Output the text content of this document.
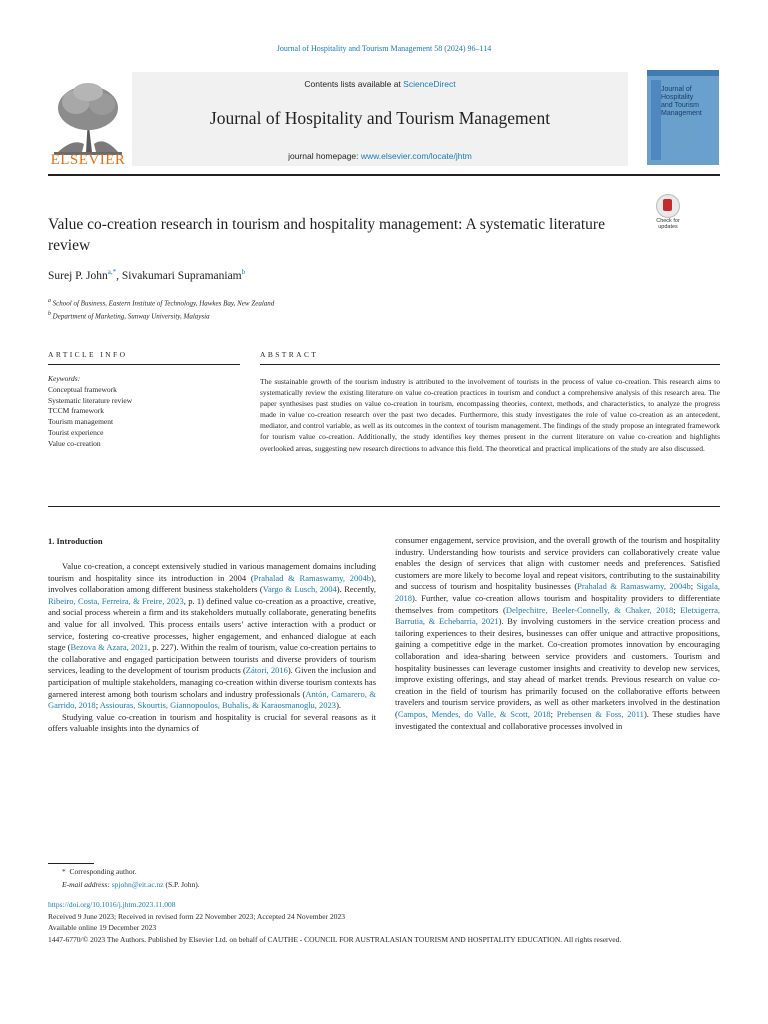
Journal of Hospitality and Tourism Management 58 (2024) 96–114
ELSEVIER
Contents lists available at ScienceDirect
Journal of Hospitality and Tourism Management
journal homepage: www.elsevier.com/locate/jhtm
Journal of
Hospitality
and Tourism
Management
Check for
updates
Value co-creation research in tourism and hospitality management: A systematic literature review
Surej P. John$^{a,*}$, Sivakumari Supramaniam$^b$
$^a$ School of Business, Eastern Institute of Technology, Hawkes Bay, New Zealand
$^b$ Department of Marketing, Sunway University, Malaysia
ARTICLE INFO	ABSTRACT
Keywords:
Conceptual framework
Systematic literature review
TCCM framework
Tourism management
Tourist experience
Value co-creation
The sustainable growth of the tourism industry is attributed to the involvement of tourists in the process of value co-creation. This research aims to systematically review the existing literature on value co-creation practices in tourism and conduct a comprehensive analysis of this research area. The paper synthesises past studies on value co-creation in tourism, encompassing theories, context, methods, and characteristics, to analyze the progress made in value co-creation research over the past two decades. Furthermore, this study investigates the role of value co-creation as an antecedent, mediator, and control variable, as well as its outcomes in the context of tourism management. The findings of the study propose an integrated framework for tourism value co-creation. Additionally, the study identifies key themes present in the current literature on value co-creation and highlights overlooked areas, suggesting new research directions to advance this field. The theoretical and practical implications of the study are also discussed.
1. Introduction

Value co-creation, a concept extensively studied in various management domains including tourism and hospitality since its introduction in 2004 (Prahalad & Ramaswamy, 2004b), involves collaboration among different business stakeholders (Vargo & Lusch, 2004). Recently, Ribeiro, Costa, Ferreira, & Freire, 2023, p. 1) defined value co-creation as a proactive, creative, and social process wherein a firm and its stakeholders mutually collaborate, generating benefits and value for all involved. This process entails users’ active interaction with a product or service, fostering co-creative processes, higher engagement, and enhanced dialogue at each stage (Bezova & Azara, 2021, p. 227). Within the realm of tourism, value co-creation pertains to the collaborative and engaged participation between tourists and diverse providers of tourism services, leading to the development of tourism products (Zátori, 2016). Given the inclusion and participation of multiple stakeholders, managing co-creation within diverse tourism contexts has garnered interest among both tourism scholars and industry professionals (Antón, Camarero, & Garrido, 2018; Assiouras, Skourtis, Giannopoulos, Buhalis, & Karaosmanoglu, 2023).

Studying value co-creation in tourism and hospitality is crucial for several reasons as it offers valuable insights into the dynamics of

consumer engagement, service provision, and the overall growth of the tourism and hospitality industry. Understanding how tourists and service providers can collaboratively create value enables the design of services that align with customer needs and preferences. Satisfied customers are more likely to become loyal and repeat visitors, contributing to the sustainability and success of tourism and hospitality businesses (Prahalad & Ramaswamy, 2004b; Sigala, 2018). Further, value co-creation allows tourism and hospitality providers to differentiate themselves from competitors (Delpechitre, Beeler-Connelly, & Chaker, 2018; Eletxigerra, Barrutia, & Echebarria, 2021). By involving customers in the service creation process and tailoring experiences to their desires, businesses can offer unique and attractive propositions, gaining a competitive edge in the market. Co-creation promotes innovation by encouraging collaboration and idea-sharing between service providers and customers. Tourism and hospitality businesses can leverage customer insights and creativity to develop new services, improve existing offerings, and stay ahead of market trends. Previous research on value co-creation in the field of tourism has primarily focused on the collaborative efforts between travelers and tourism service providers, as well as other marketers involved in the destination (Campos, Mendes, do Valle, & Scott, 2018; Prebensen & Foss, 2011). These studies have investigated the contextual and collaborative processes involved in

* Corresponding author.
E-mail address: spjohn@eit.ac.nz (S.P. John).
https://doi.org/10.1016/j.jhtm.2023.11.008
Received 9 June 2023; Received in revised form 22 November 2023; Accepted 24 November 2023
Available online 19 December 2023
1447-6770/© 2023 The Authors. Published by Elsevier Ltd. on behalf of CAUTHE - COUNCIL FOR AUSTRALASIAN TOURISM AND HOSPITALITY EDUCATION. All rights reserved.
